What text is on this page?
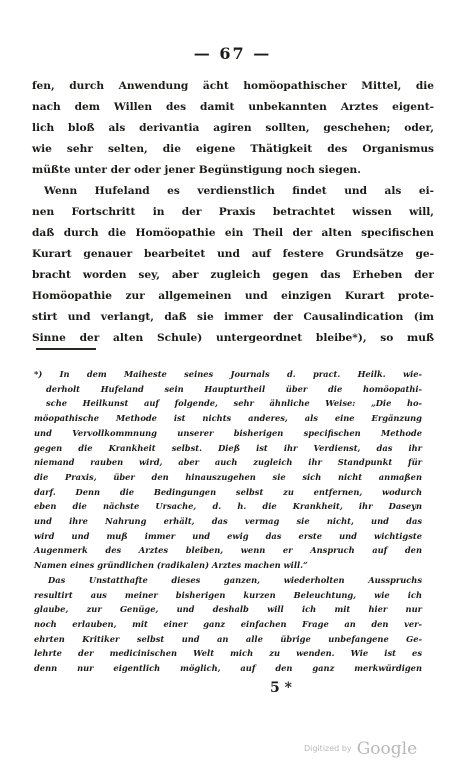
— 67 —
fen, durch Anwendung ächt homöopathischer Mittel, die
nach dem Willen des damit unbekannten Arztes eigent-
lich bloß als derivantia agiren sollten, geschehen; oder,
wie sehr selten, die eigene Thätigkeit des Organismus
müßte unter der oder jener Begünstigung noch siegen.
Wenn Hufeland es verdienstlich findet und als ei-
nen Fortschritt in der Praxis betrachtet wissen will,
daß durch die Homöopathie ein Theil der alten specifischen
Kurart genauer bearbeitet und auf festere Grundsätze ge-
bracht worden sey, aber zugleich gegen das Erheben der
Homöopathie zur allgemeinen und einzigen Kurart prote-
stirt und verlangt, daß sie immer der Causalindication (im
Sinne der alten Schule) untergeordnet bleibe*), so muß
*) In dem Maiheste seines Journals d. pract. Heilk. wie-
derholt Hufeland sein Haupturtheil über die homöopathi-
sche Heilkunst auf folgende, sehr ähnliche Weise: „Die ho-
möopathische Methode ist nichts anderes, als eine Ergänzung
und Vervollkommnung unserer bisherigen specifischen Methode
gegen die Krankheit selbst. Dieß ist ihr Verdienst, das ihr
niemand rauben wird, aber auch zugleich ihr Standpunkt für
die Praxis, über den hinauszugehen sie sich nicht anmaßen
darf. Denn die Bedingungen selbst zu entfernen, wodurch
eben die nächste Ursache, d. h. die Krankheit, ihr Daseyn
und ihre Nahrung erhält, das vermag sie nicht, und das
wird und muß immer und ewig das erste und wichtigste
Augenmerk des Arztes bleiben, wenn er Anspruch auf den
Namen eines gründlichen (radikalen) Arztes machen will.“
Das Unstatthafte dieses ganzen, wiederholten Ausspruchs
resultirt aus meiner bisherigen kurzen Beleuchtung, wie ich
glaube, zur Genüge, und deshalb will ich mit hier nur
noch erlauben, mit einer ganz einfachen Frage an den ver-
ehrten Kritiker selbst und an alle übrige unbefangene Ge-
lehrte der medicinischen Welt mich zu wenden. Wie ist es
denn nur eigentlich möglich, auf den ganz merkwürdigen
5 *
Digitized by Google
